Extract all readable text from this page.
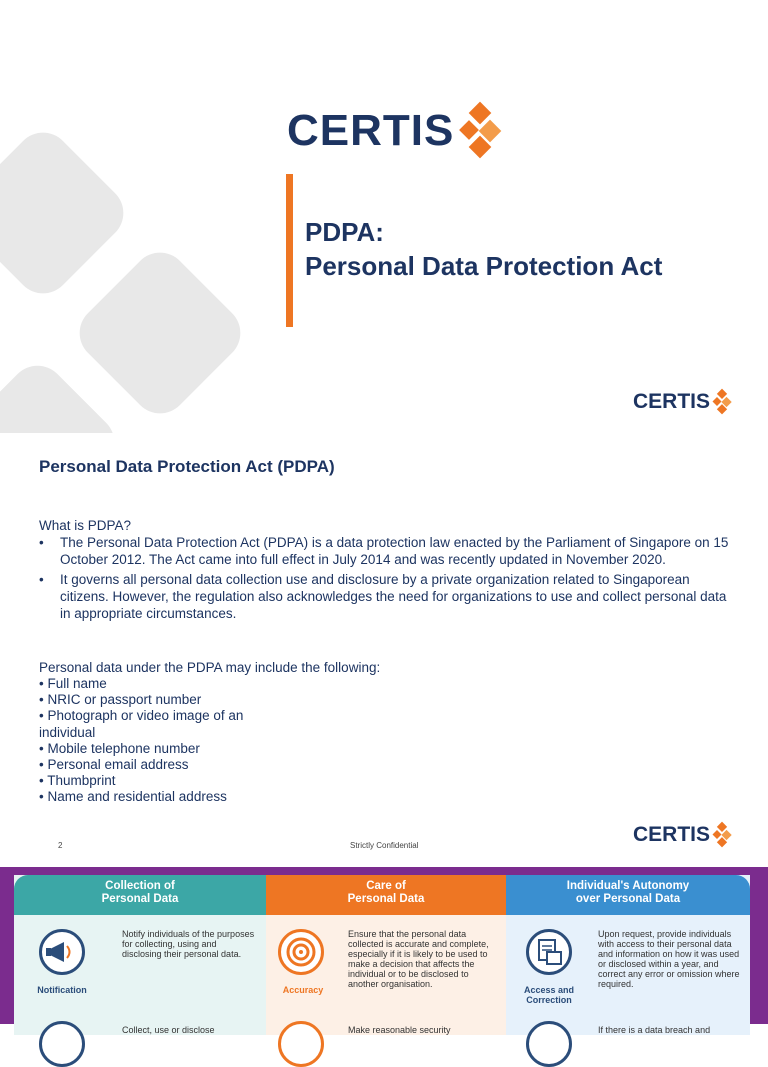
CERTIS
PDPA:
Personal Data Protection Act
CERTIS
Personal Data Protection Act (PDPA)
What is PDPA?
• The Personal Data Protection Act (PDPA) is a data protection law enacted by the Parliament of Singapore on 15 October 2012. The Act came into full effect in July 2014 and was recently updated in November 2020.
• It governs all personal data collection use and disclosure by a private organization related to Singaporean citizens. However, the regulation also acknowledges the need for organizations to use and collect personal data in appropriate circumstances.
Personal data under the PDPA may include the following:
• Full name
• NRIC or passport number
• Photograph or video image of an individual
• Mobile telephone number
• Personal email address
• Thumbprint
• Name and residential address
2	Strictly Confidential	CERTIS
Collection of
Personal Data
Notification
Notify individuals of the purposes for collecting, using and disclosing their personal data.
Collect, use or disclose
Care of
Personal Data
Accuracy
Ensure that the personal data collected is accurate and complete, especially if it is likely to be used to make a decision that affects the individual or to be disclosed to another organisation.
Make reasonable security
Individual's Autonomy
over Personal Data
Access and
Correction
Upon request, provide individuals with access to their personal data and information on how it was used or disclosed within a year, and correct any error or omission where required.
If there is a data breach and
